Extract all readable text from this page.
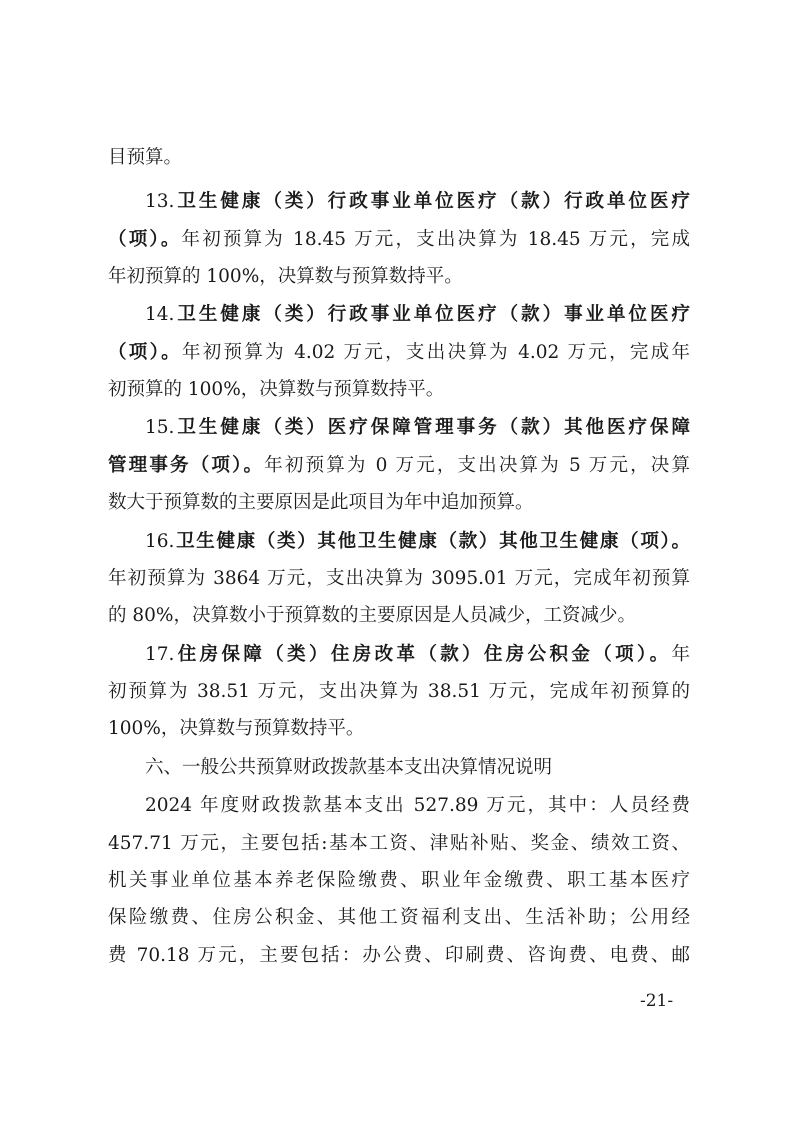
目预算。
13.卫生健康（类）行政事业单位医疗（款）行政单位医疗
（项）。年初预算为 18.45 万元，支出决算为 18.45 万元，完成
年初预算的 100%，决算数与预算数持平。
14.卫生健康（类）行政事业单位医疗（款）事业单位医疗
（项）。年初预算为 4.02 万元，支出决算为 4.02 万元，完成年
初预算的 100%，决算数与预算数持平。
15.卫生健康（类）医疗保障管理事务（款）其他医疗保障
管理事务（项）。年初预算为 0 万元，支出决算为 5 万元，决算
数大于预算数的主要原因是此项目为年中追加预算。
16.卫生健康（类）其他卫生健康（款）其他卫生健康（项）。
年初预算为 3864 万元，支出决算为 3095.01 万元，完成年初预算
的 80%，决算数小于预算数的主要原因是人员减少，工资减少。
17.住房保障（类）住房改革（款）住房公积金（项）。年
初预算为 38.51 万元，支出决算为 38.51 万元，完成年初预算的
100%，决算数与预算数持平。
六、一般公共预算财政拨款基本支出决算情况说明
2024 年度财政拨款基本支出 527.89 万元，其中：人员经费
457.71 万元，主要包括:基本工资、津贴补贴、奖金、绩效工资、
机关事业单位基本养老保险缴费、职业年金缴费、职工基本医疗
保险缴费、住房公积金、其他工资福利支出、生活补助；公用经
费 70.18 万元，主要包括：办公费、印刷费、咨询费、电费、邮
-21-
